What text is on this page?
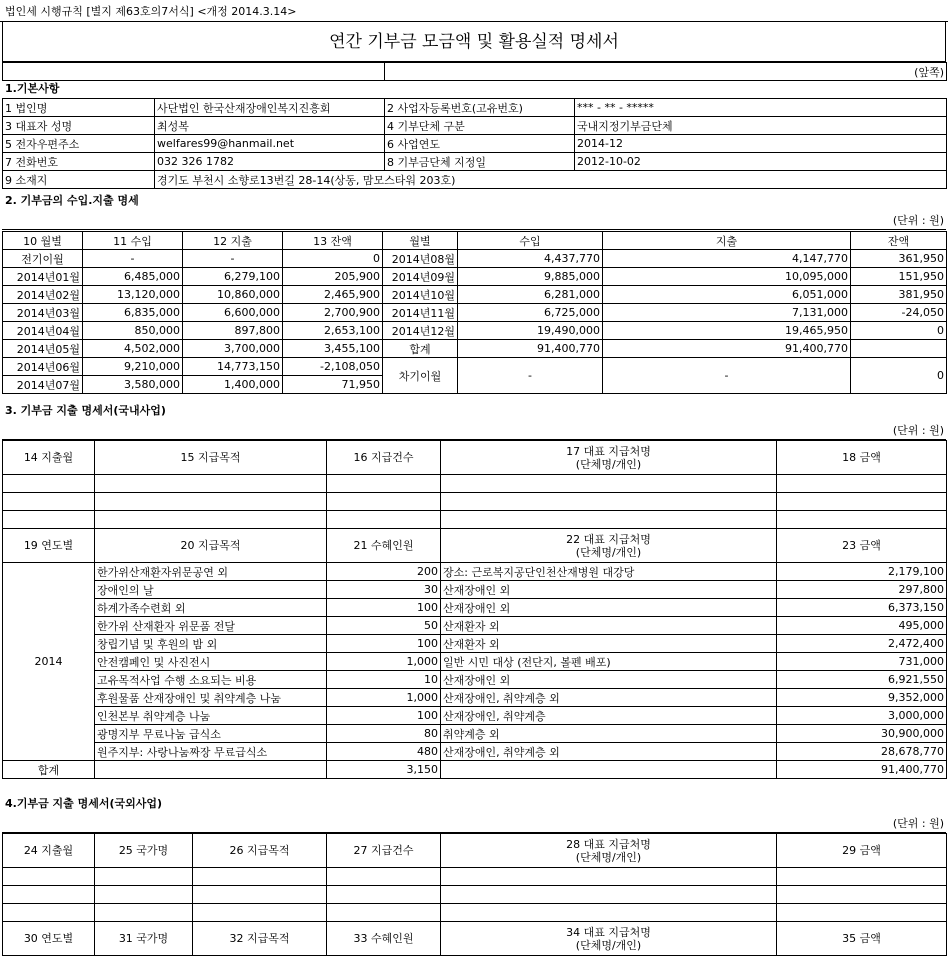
법인세 시행규칙 [별지 제63호의7서식] <개정 2014.3.14>
연간 기부금 모금액 및 활용실적 명세서
	(앞쪽)
1.기본사항
1 법인명	사단법인 한국산재장애인복지진흥회	2 사업자등록번호(고유번호)	*** - ** - *****
3 대표자 성명	최성복	4 기부단체 구분	국내지정기부금단체
5 전자우편주소	welfares99@hanmail.net	6 사업연도	2014-12
7 전화번호	032 326 1782	8 기부금단체 지정일	2012-10-02
9 소재지	경기도 부천시 소향로13번길 28-14(상동, 맘모스타워 203호)		
2. 기부금의 수입.지출 명세
(단위 : 원)
10 월별	11 수입	12 지출	13 잔액	월별	수입	지출	잔액
전기이월	-	-	0	2014년08월	4,437,770	4,147,770	361,950
2014년01월	6,485,000	6,279,100	205,900	2014년09월	9,885,000	10,095,000	151,950
2014년02월	13,120,000	10,860,000	2,465,900	2014년10월	6,281,000	6,051,000	381,950
2014년03월	6,835,000	6,600,000	2,700,900	2014년11월	6,725,000	7,131,000	-24,050
2014년04월	850,000	897,800	2,653,100	2014년12월	19,490,000	19,465,950	0
2014년05월	4,502,000	3,700,000	3,455,100	합계	91,400,770	91,400,770	
2014년06월	9,210,000	14,773,150	-2,108,050	차기이월	-	-	0
2014년07월	3,580,000	1,400,000	71,950				
3. 기부금 지출 명세서(국내사업)
(단위 : 원)
14 지출월	15 지급목적	16 지급건수	17 대표 지급처명
(단체명/개인)	18 금액

19 연도별	20 지급목적	21 수혜인원	22 대표 지급처명
(단체명/개인)	23 금액
2014	한가위산재환자위문공연 외	200	장소: 근로복지공단인천산재병원 대강당	2,179,100
	장애인의 날	30	산재장애인 외	297,800
	하계가족수련회 외	100	산재장애인 외	6,373,150
	한가위 산재환자 위문품 전달	50	산재환자 외	495,000
	창립기념 및 후원의 밤 외	100	산재환자 외	2,472,400
	안전캠페인 및 사진전시	1,000	일반 시민 대상 (전단지, 볼펜 배포)	731,000
	고유목적사업 수행 소요되는 비용	10	산재장애인 외	6,921,550
	후원물품 산재장애인 및 취약계층 나눔	1,000	산재장애인, 취약계층 외	9,352,000
	인천본부 취약계층 나눔	100	산재장애인, 취약계층	3,000,000
	광명지부 무료나눔 급식소	80	취약계층 외	30,900,000
	원주지부: 사랑나눔짜장 무료급식소	480	산재장애인, 취약계층 외	28,678,770
합계		3,150		91,400,770
4.기부금 지출 명세서(국외사업)
(단위 : 원)
24 지출월	25 국가명	26 지급목적	27 지급건수	28 대표 지급처명
(단체명/개인)	29 금액

30 연도별	31 국가명	32 지급목적	33 수혜인원	34 대표 지급처명
(단체명/개인)	35 금액
